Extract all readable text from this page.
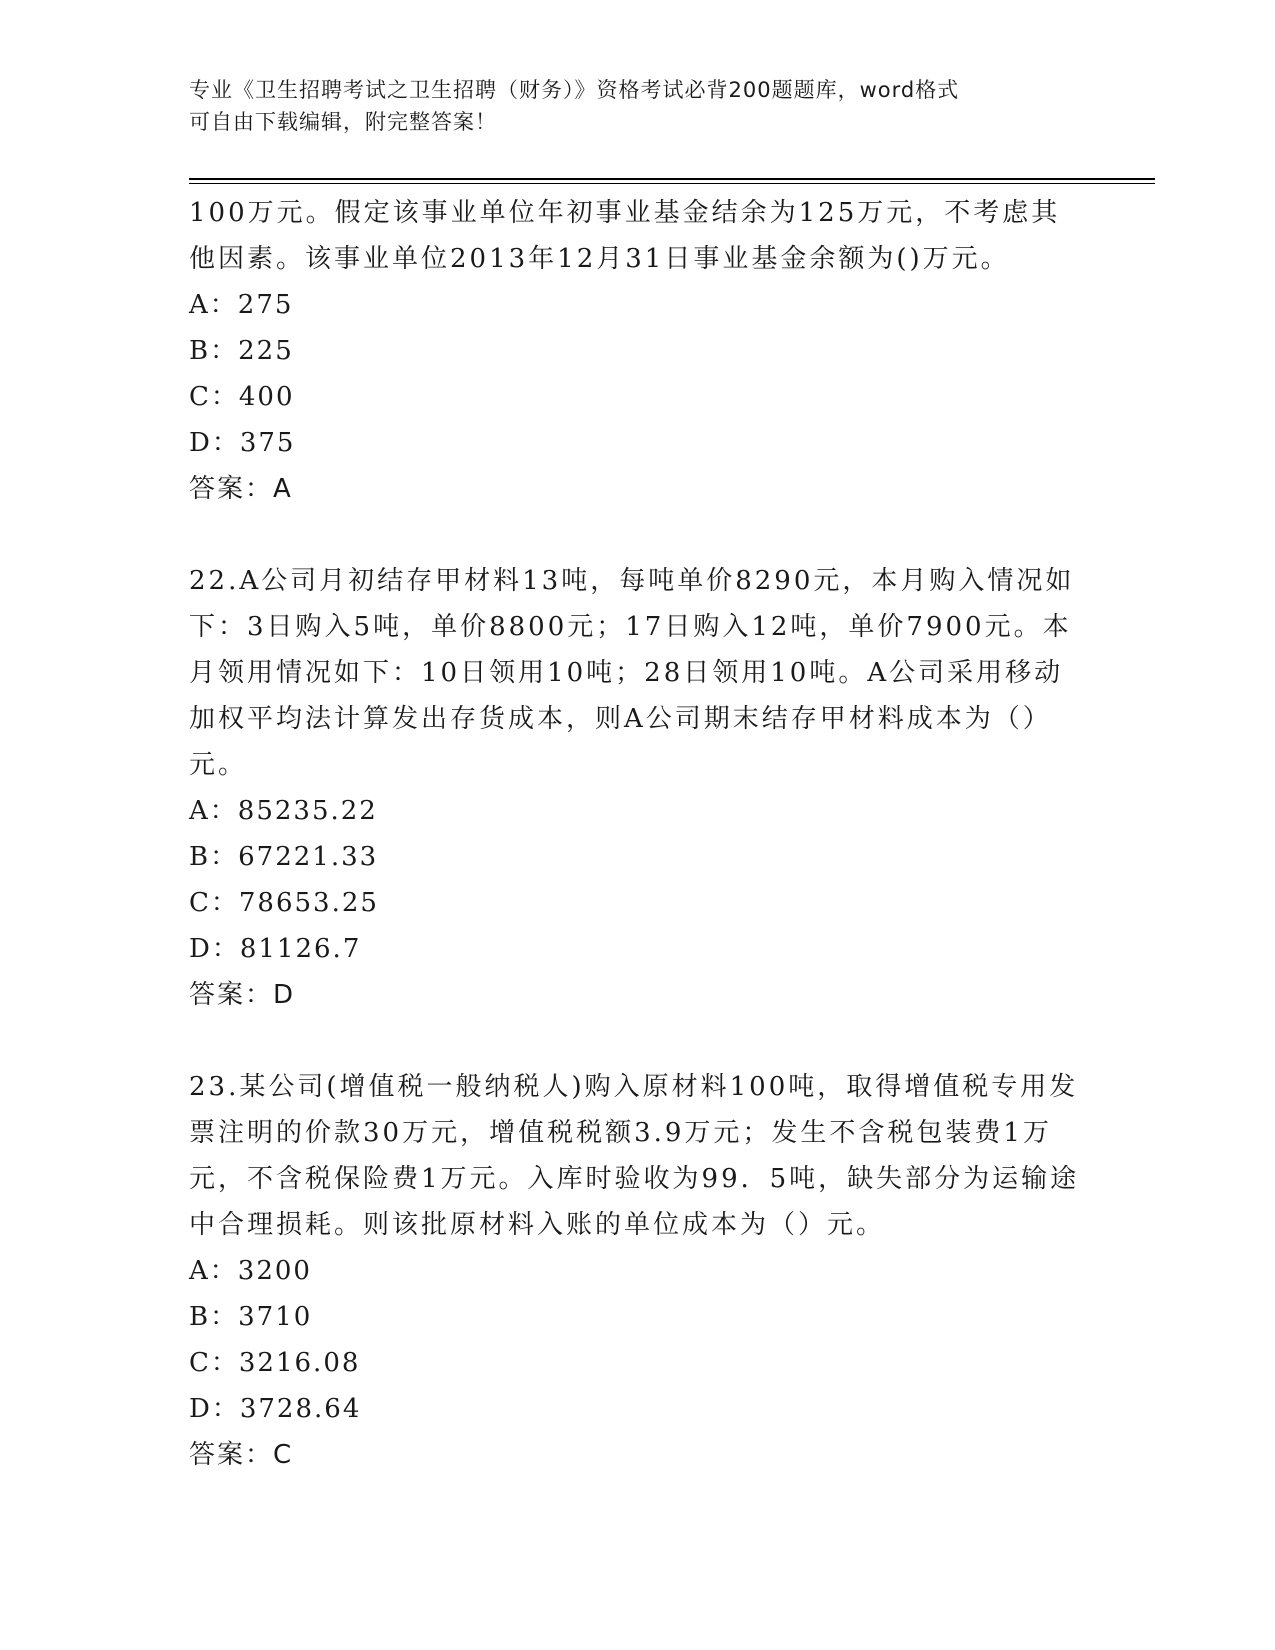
专业《卫生招聘考试之卫生招聘（财务）》资格考试必背200题题库，word格式
可自由下载编辑，附完整答案！

100万元。假定该事业单位年初事业基金结余为125万元，不考虑其他因素。该事业单位2013年12月31日事业基金余额为()万元。

A：275

B：225

C：400

D：375

答案：A

22.A公司月初结存甲材料13吨，每吨单价8290元，本月购入情况如下：3日购入5吨，单价8800元；17日购入12吨，单价7900元。本月领用情况如下：10日领用10吨；28日领用10吨。A公司采用移动加权平均法计算发出存货成本，则A公司期末结存甲材料成本为（）元。

A：85235.22

B：67221.33

C：78653.25

D：81126.7

答案：D

23.某公司(增值税一般纳税人)购入原材料100吨，取得增值税专用发票注明的价款30万元，增值税税额3.9万元；发生不含税包装费1万元，不含税保险费1万元。入库时验收为99．5吨，缺失部分为运输途中合理损耗。则该批原材料入账的单位成本为（）元。

A：3200

B：3710

C：3216.08

D：3728.64

答案：C
